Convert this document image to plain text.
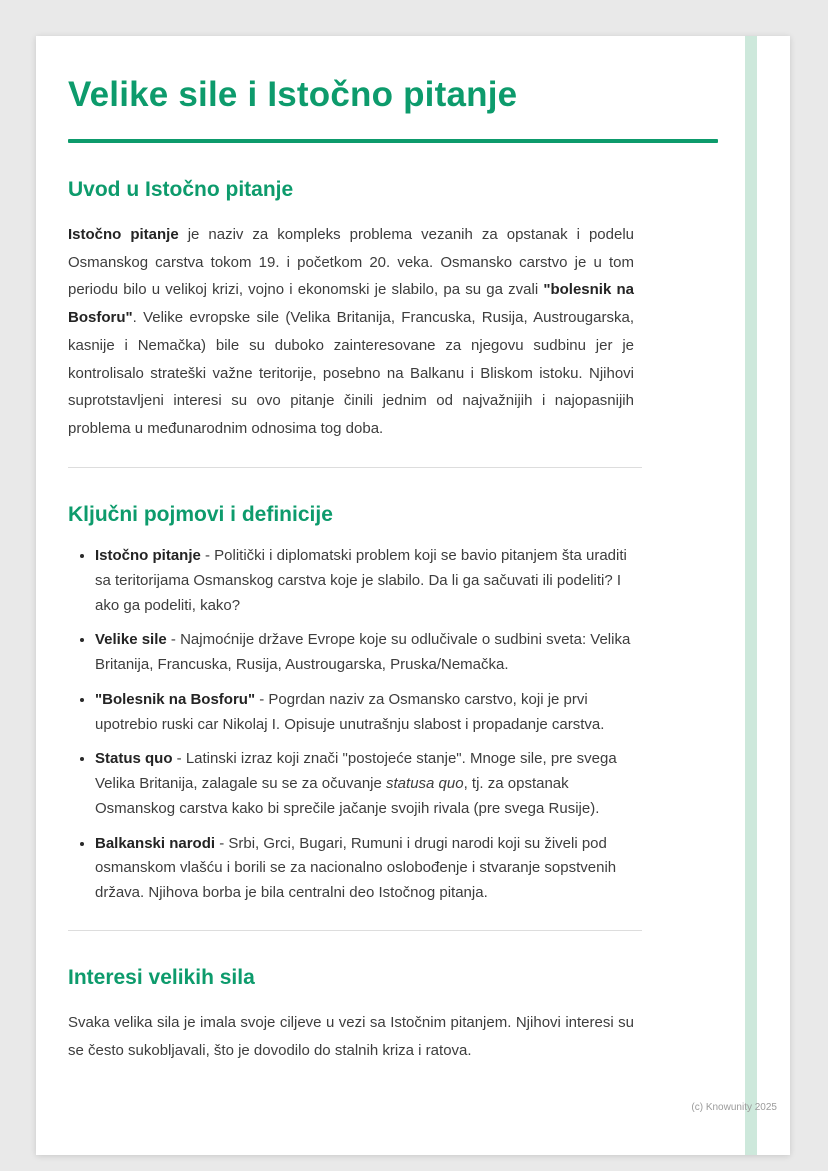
Velike sile i Istočno pitanje
Uvod u Istočno pitanje

Istočno pitanje je naziv za kompleks problema vezanih za opstanak i podelu Osmanskog carstva tokom 19. i početkom 20. veka. Osmansko carstvo je u tom periodu bilo u velikoj krizi, vojno i ekonomski je slabilo, pa su ga zvali "bolesnik na Bosforu". Velike evropske sile (Velika Britanija, Francuska, Rusija, Austrougarska, kasnije i Nemačka) bile su duboko zainteresovane za njegovu sudbinu jer je kontrolisalo strateški važne teritorije, posebno na Balkanu i Bliskom istoku. Njihovi suprotstavljeni interesi su ovo pitanje činili jednim od najvažnijih i najopasnijih problema u međunarodnim odnosima tog doba.

Ključni pojmovi i definicije
• Istočno pitanje - Politički i diplomatski problem koji se bavio pitanjem šta uraditi sa teritorijama Osmanskog carstva koje je slabilo. Da li ga sačuvati ili podeliti? I ako ga podeliti, kako?
• Velike sile - Najmoćnije države Evrope koje su odlučivale o sudbini sveta: Velika Britanija, Francuska, Rusija, Austrougarska, Pruska/Nemačka.
• "Bolesnik na Bosforu" - Pogrdan naziv za Osmansko carstvo, koji je prvi upotrebio ruski car Nikolaj I. Opisuje unutrašnju slabost i propadanje carstva.
• Status quo - Latinski izraz koji znači "postojeće stanje". Mnoge sile, pre svega Velika Britanija, zalagale su se za očuvanje statusa quo, tj. za opstanak Osmanskog carstva kako bi sprečile jačanje svojih rivala (pre svega Rusije).
• Balkanski narodi - Srbi, Grci, Bugari, Rumuni i drugi narodi koji su živeli pod osmanskom vlašću i borili se za nacionalno oslobođenje i stvaranje sopstvenih država. Njihova borba je bila centralni deo Istočnog pitanja.
Interesi velikih sila

Svaka velika sila je imala svoje ciljeve u vezi sa Istočnim pitanjem. Njihovi interesi su se često sukobljavali, što je dovodilo do stalnih kriza i ratova.

(c) Knowunity 2025
